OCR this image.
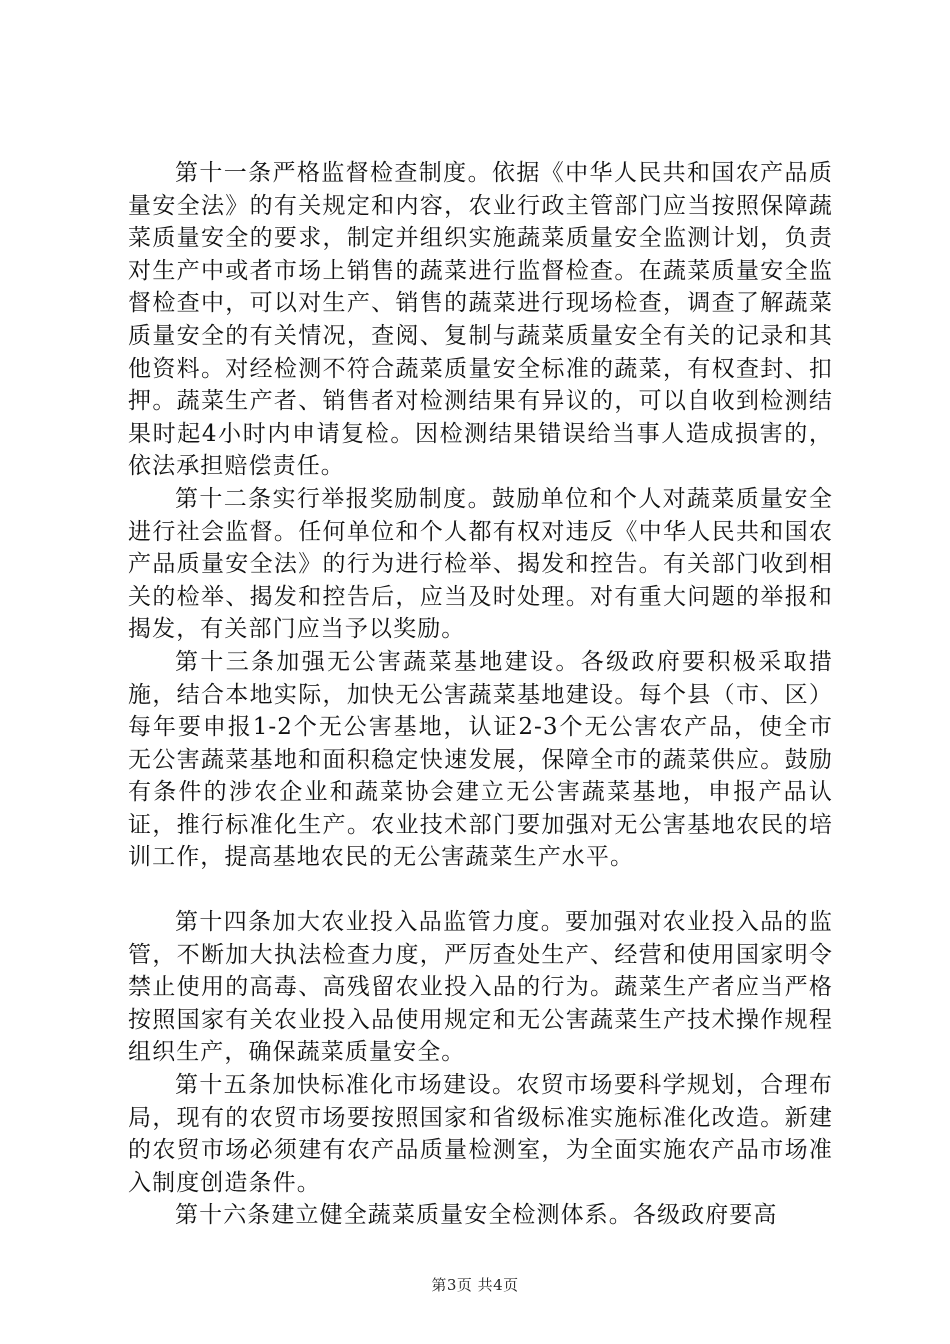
第十一条严格监督检查制度。依据《中华人民共和国农产品质量安全法》的有关规定和内容，农业行政主管部门应当按照保障蔬菜质量安全的要求，制定并组织实施蔬菜质量安全监测计划，负责对生产中或者市场上销售的蔬菜进行监督检查。在蔬菜质量安全监督检查中，可以对生产、销售的蔬菜进行现场检查，调查了解蔬菜质量安全的有关情况，查阅、复制与蔬菜质量安全有关的记录和其他资料。对经检测不符合蔬菜质量安全标准的蔬菜，有权查封、扣押。蔬菜生产者、销售者对检测结果有异议的，可以自收到检测结果时起4小时内申请复检。因检测结果错误给当事人造成损害的，依法承担赔偿责任。

第十二条实行举报奖励制度。鼓励单位和个人对蔬菜质量安全进行社会监督。任何单位和个人都有权对违反《中华人民共和国农产品质量安全法》的行为进行检举、揭发和控告。有关部门收到相关的检举、揭发和控告后，应当及时处理。对有重大问题的举报和揭发，有关部门应当予以奖励。

第十三条加强无公害蔬菜基地建设。各级政府要积极采取措施，结合本地实际，加快无公害蔬菜基地建设。每个县（市、区）每年要申报1-2个无公害基地，认证2-3个无公害农产品，使全市无公害蔬菜基地和面积稳定快速发展，保障全市的蔬菜供应。鼓励有条件的涉农企业和蔬菜协会建立无公害蔬菜基地，申报产品认证，推行标准化生产。农业技术部门要加强对无公害基地农民的培训工作，提高基地农民的无公害蔬菜生产水平。

第十四条加大农业投入品监管力度。要加强对农业投入品的监管，不断加大执法检查力度，严厉查处生产、经营和使用国家明令禁止使用的高毒、高残留农业投入品的行为。蔬菜生产者应当严格按照国家有关农业投入品使用规定和无公害蔬菜生产技术操作规程组织生产，确保蔬菜质量安全。

第十五条加快标准化市场建设。农贸市场要科学规划，合理布局，现有的农贸市场要按照国家和省级标准实施标准化改造。新建的农贸市场必须建有农产品质量检测室，为全面实施农产品市场准入制度创造条件。

第十六条建立健全蔬菜质量安全检测体系。各级政府要高

第3页 共4页
